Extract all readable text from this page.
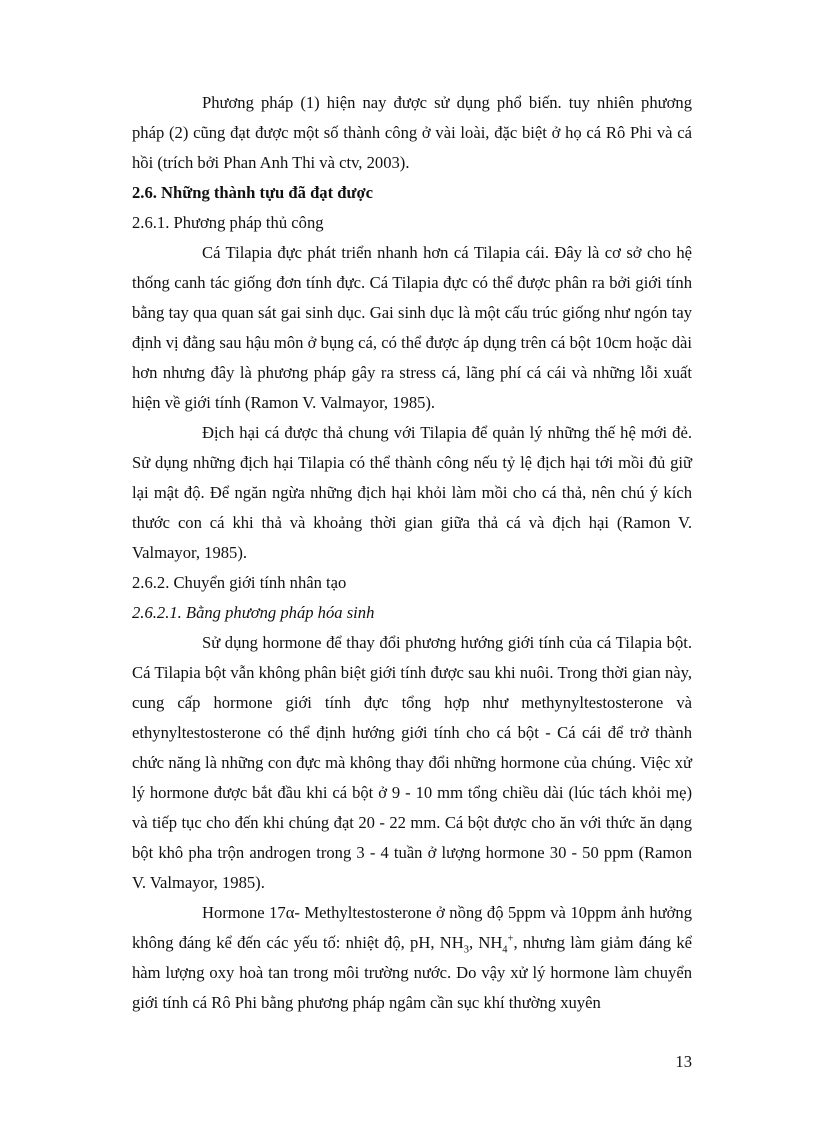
Phương pháp (1) hiện nay được sử dụng phổ biến. tuy nhiên phương pháp (2) cũng đạt được một số thành công ở vài loài, đặc biệt ở họ cá Rô Phi và cá hồi (trích bởi Phan Anh Thi và ctv, 2003).

2.6. Những thành tựu đã đạt được

2.6.1. Phương pháp thủ công

Cá Tilapia đực phát triển nhanh hơn cá Tilapia cái. Đây là cơ sở cho hệ thống canh tác giống đơn tính đực. Cá Tilapia đực có thể được phân ra bởi giới tính bằng tay qua quan sát gai sinh dục. Gai sinh dục là một cấu trúc giống như ngón tay định vị đằng sau hậu môn ở bụng cá, có thể được áp dụng trên cá bột 10cm hoặc dài hơn nhưng đây là phương pháp gây ra stress cá, lãng phí cá cái và những lỗi xuất hiện về giới tính (Ramon V. Valmayor, 1985).

Địch hại cá được thả chung với Tilapia để quản lý những thế hệ mới đẻ. Sử dụng những địch hại Tilapia có thể thành công nếu tỷ lệ địch hại tới mồi đủ giữ lại mật độ. Để ngăn ngừa những địch hại khỏi làm mồi cho cá thả, nên chú ý kích thước con cá khi thả và khoảng thời gian giữa thả cá và địch hại (Ramon V. Valmayor, 1985).

2.6.2. Chuyển giới tính nhân tạo

2.6.2.1. Bằng phương pháp hóa sinh

Sử dụng hormone để thay đổi phương hướng giới tính của cá Tilapia bột. Cá Tilapia bột vẫn không phân biệt giới tính được sau khi nuôi. Trong thời gian này, cung cấp hormone giới tính đực tổng hợp như methynyltestosterone và ethynyltestosterone có thể định hướng giới tính cho cá bột - Cá cái để trở thành chức năng là những con đực mà không thay đổi những hormone của chúng. Việc xử lý hormone được bắt đầu khi cá bột ở 9 - 10 mm tổng chiều dài (lúc tách khỏi mẹ) và tiếp tục cho đến khi chúng đạt 20 - 22 mm. Cá bột được cho ăn với thức ăn dạng bột khô pha trộn androgen trong 3 - 4 tuần ở lượng hormone 30 - 50 ppm (Ramon V. Valmayor, 1985).

Hormone 17α- Methyltestosterone ở nồng độ 5ppm và 10ppm ảnh hưởng không đáng kể đến các yếu tố: nhiệt độ, pH, $NH_3$, $NH_4^+$, nhưng làm giảm đáng kể hàm lượng oxy hoà tan trong môi trường nước. Do vậy xử lý hormone làm chuyển giới tính cá Rô Phi bằng phương pháp ngâm cần sục khí thường xuyên

13
